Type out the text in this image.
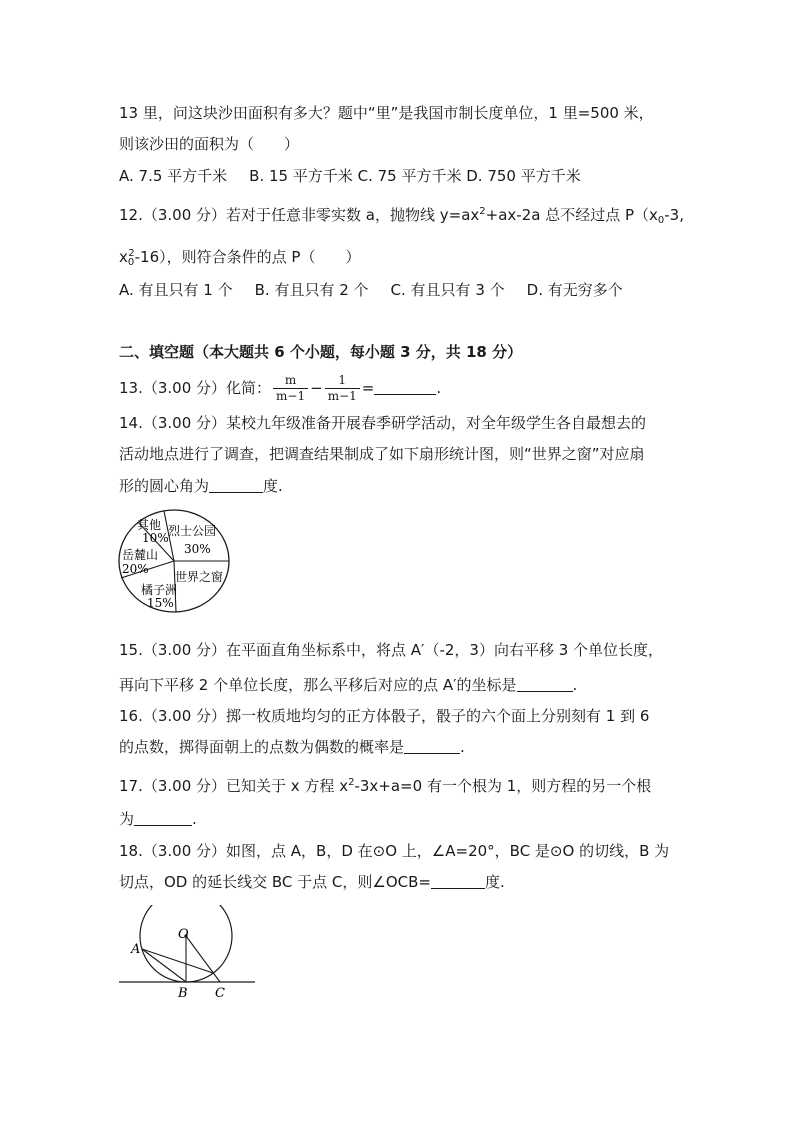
13 里，问这块沙田面积有多大？题中“里”是我国市制长度单位，1 里=500 米，
则该沙田的面积为（　　）
A. 7.5 平方千米 B. 15 平方千米 C. 75 平方千米 D. 750 平方千米
12.（3.00 分）若对于任意非零实数 a，抛物线 $y=ax^2+ax-2a$ 总不经过点 $P(x_0-3$,
$x_0^2-16$），则符合条件的点 P（　　）
A. 有且只有 1 个 B. 有且只有 2 个 C. 有且只有 3 个 D. 有无穷多个
二、填空题（本大题共 6 个小题，每小题 3 分，共 18 分）
13.（3.00 分）化简： $\frac{m}{m-1} - \frac{1}{m-1}$ =	.
14.（3.00 分）某校九年级准备开展春季研学活动，对全年级学生各自最想去的
活动地点进行了调查，把调查结果制成了如下扇形统计图，则“世界之窗”对应扇
形的圆心角为	度.
其他
10% 烈士公园
30%
岳麓山
20%
世界之窗
橘子洲
15%
15.（3.00 分）在平面直角坐标系中，将点 A′（-2，3）向右平移 3 个单位长度，
再向下平移 2 个单位长度，那么平移后对应的点 A′的坐标是	.
16.（3.00 分）掷一枚质地均匀的正方体骰子，骰子的六个面上分别刻有 1 到 6
的点数，掷得面朝上的点数为偶数的概率是	.
17.（3.00 分）已知关于 x 方程 $x^2-3x+a=0$ 有一个根为 1，则方程的另一个根
为	.
18.（3.00 分）如图，点 A，B，D 在⊙O 上，∠A=20°，BC 是⊙O 的切线，B 为
切点，OD 的延长线交 BC 于点 C，则∠OCB=	度.
O
A
B C
